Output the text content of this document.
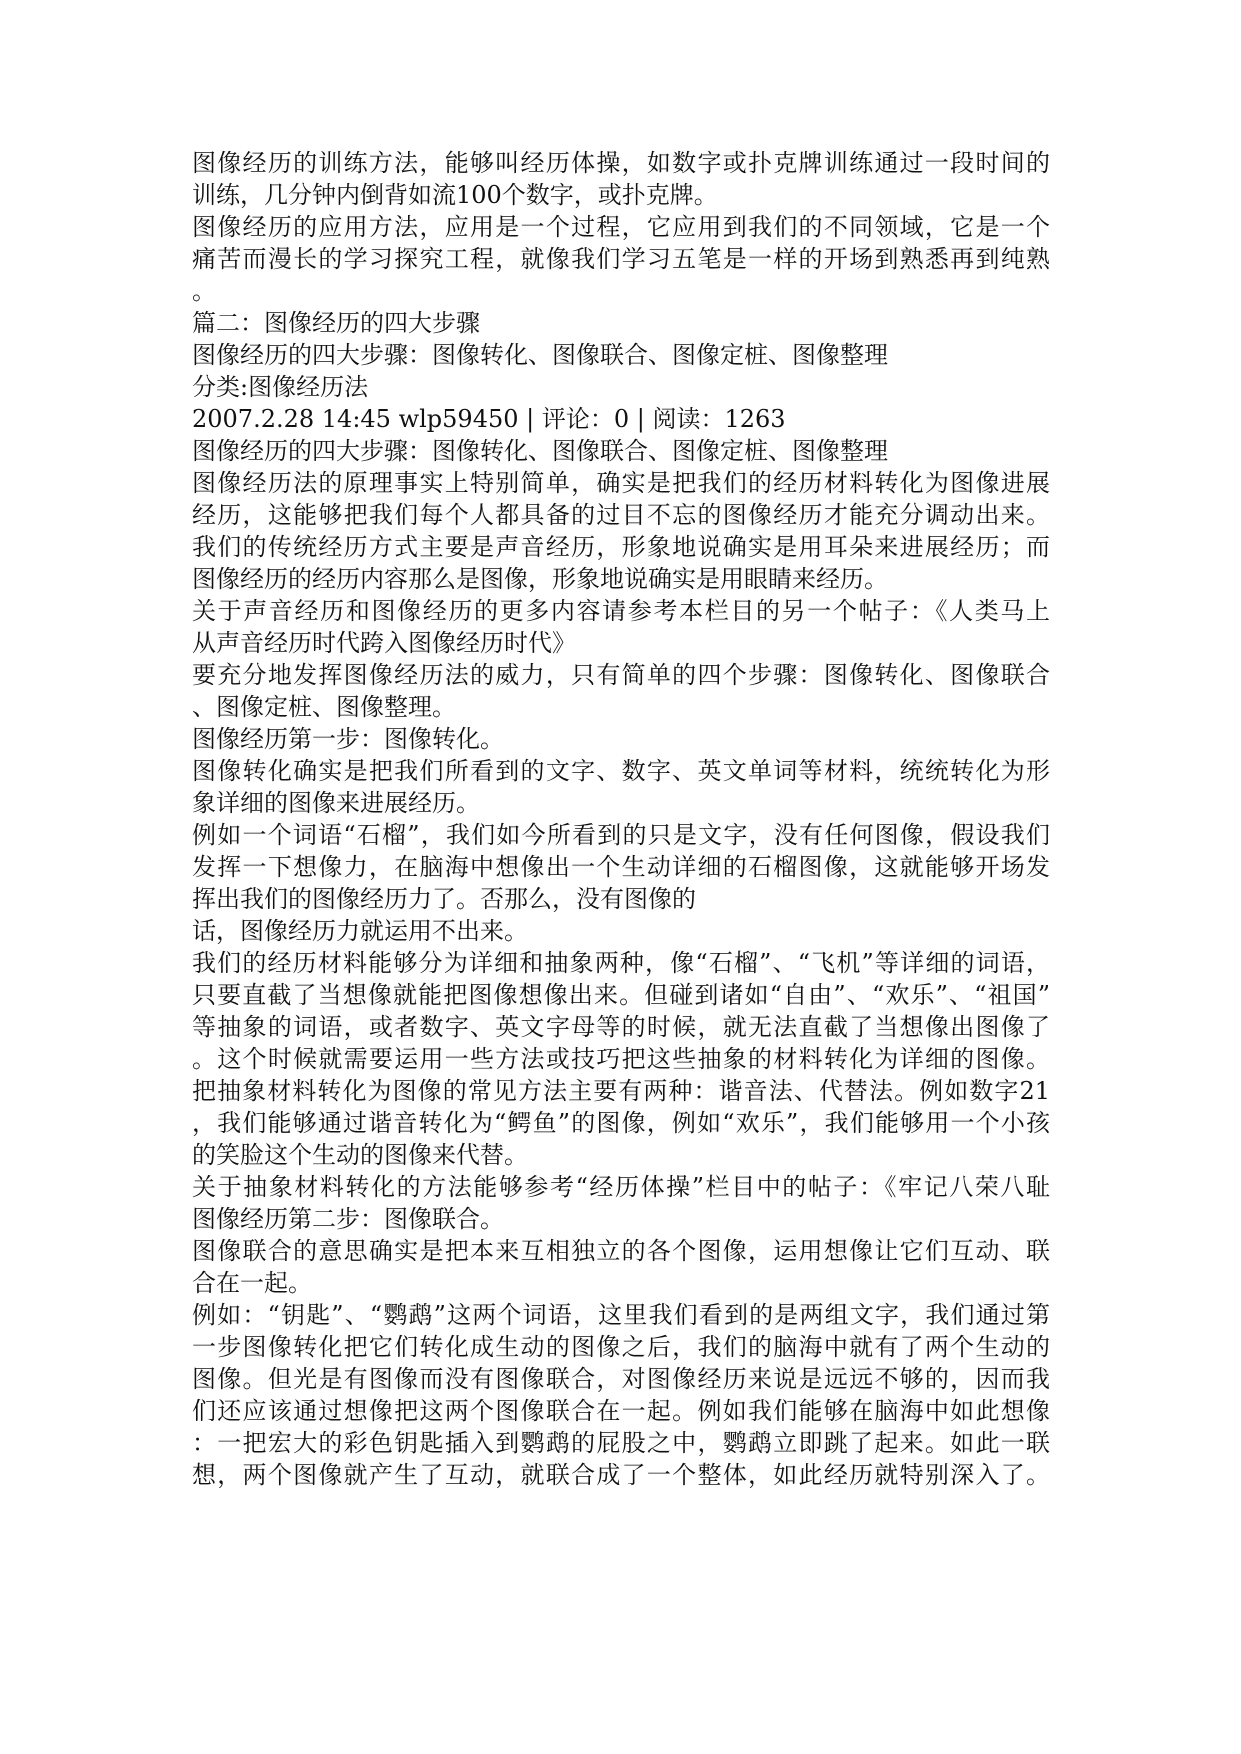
图像经历的训练方法，能够叫经历体操，如数字或扑克牌训练通过一段时间的
训练，几分钟内倒背如流100个数字，或扑克牌。
图像经历的应用方法，应用是一个过程，它应用到我们的不同领域，它是一个
痛苦而漫长的学习探究工程，就像我们学习五笔是一样的开场到熟悉再到纯熟
。
篇二：图像经历的四大步骤
图像经历的四大步骤：图像转化、图像联合、图像定桩、图像整理
分类:图像经历法
2007.2.28 14:45 wlp59450 | 评论：0 | 阅读：1263
图像经历的四大步骤：图像转化、图像联合、图像定桩、图像整理
图像经历法的原理事实上特别简单，确实是把我们的经历材料转化为图像进展
经历，这能够把我们每个人都具备的过目不忘的图像经历才能充分调动出来。
我们的传统经历方式主要是声音经历，形象地说确实是用耳朵来进展经历；而
图像经历的经历内容那么是图像，形象地说确实是用眼睛来经历。
关于声音经历和图像经历的更多内容请参考本栏目的另一个帖子：《人类马上
从声音经历时代跨入图像经历时代》
要充分地发挥图像经历法的威力，只有简单的四个步骤：图像转化、图像联合
、图像定桩、图像整理。
图像经历第一步：图像转化。
图像转化确实是把我们所看到的文字、数字、英文单词等材料，统统转化为形
象详细的图像来进展经历。
例如一个词语“石榴”，我们如今所看到的只是文字，没有任何图像，假设我们
发挥一下想像力，在脑海中想像出一个生动详细的石榴图像，这就能够开场发
挥出我们的图像经历力了。否那么，没有图像的
话，图像经历力就运用不出来。
我们的经历材料能够分为详细和抽象两种，像“石榴”、“飞机”等详细的词语，
只要直截了当想像就能把图像想像出来。但碰到诸如“自由”、“欢乐”、“祖国”
等抽象的词语，或者数字、英文字母等的时候，就无法直截了当想像出图像了
。这个时候就需要运用一些方法或技巧把这些抽象的材料转化为详细的图像。
把抽象材料转化为图像的常见方法主要有两种：谐音法、代替法。例如数字21
，我们能够通过谐音转化为“鳄鱼”的图像，例如“欢乐”，我们能够用一个小孩
的笑脸这个生动的图像来代替。
关于抽象材料转化的方法能够参考“经历体操”栏目中的帖子：《牢记八荣八耻
图像经历第二步：图像联合。
图像联合的意思确实是把本来互相独立的各个图像，运用想像让它们互动、联
合在一起。
例如：“钥匙”、“鹦鹉”这两个词语，这里我们看到的是两组文字，我们通过第
一步图像转化把它们转化成生动的图像之后，我们的脑海中就有了两个生动的
图像。但光是有图像而没有图像联合，对图像经历来说是远远不够的，因而我
们还应该通过想像把这两个图像联合在一起。例如我们能够在脑海中如此想像
：一把宏大的彩色钥匙插入到鹦鹉的屁股之中，鹦鹉立即跳了起来。如此一联
想，两个图像就产生了互动，就联合成了一个整体，如此经历就特别深入了。
